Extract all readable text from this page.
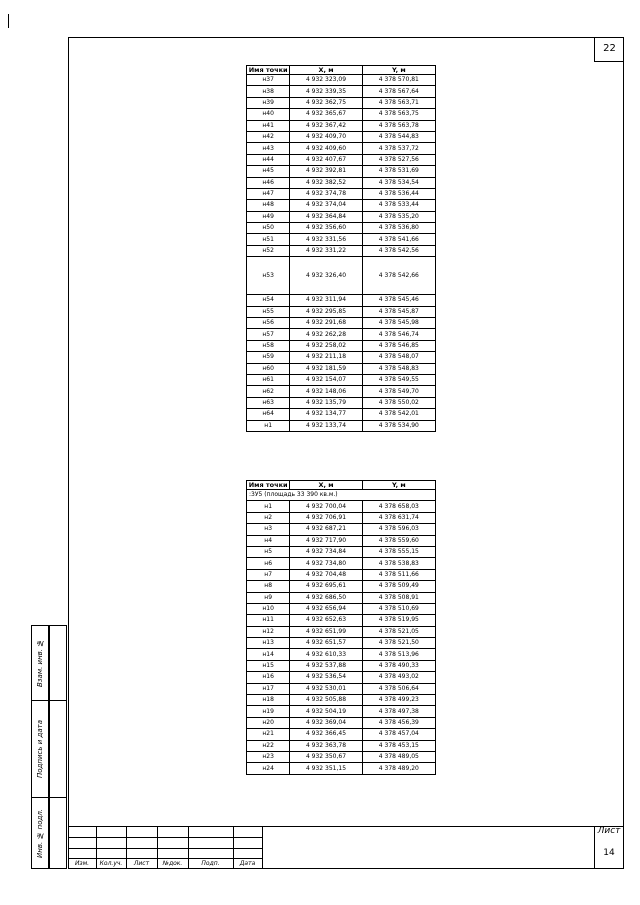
22
Имя точки	X, м	Y, м
н37	4 932 323,09	4 378 570,81
н38	4 932 339,35	4 378 567,64
н39	4 932 362,75	4 378 563,71
н40	4 932 365,67	4 378 563,75
н41	4 932 367,42	4 378 563,78
н42	4 932 409,70	4 378 544,83
н43	4 932 409,60	4 378 537,72
н44	4 932 407,67	4 378 527,56
н45	4 932 392,81	4 378 531,69
н46	4 932 382,52	4 378 534,54
н47	4 932 374,78	4 378 536,44
н48	4 932 374,04	4 378 533,44
н49	4 932 364,84	4 378 535,20
н50	4 932 356,60	4 378 536,80
н51	4 932 331,56	4 378 541,66
н52	4 932 331,22	4 378 542,56
н53	4 932 326,40	4 378 542,66
н54	4 932 311,94	4 378 545,46
н55	4 932 295,85	4 378 545,87
н56	4 932 291,68	4 378 545,98
н57	4 932 262,28	4 378 546,74
н58	4 932 258,02	4 378 546,85
н59	4 932 211,18	4 378 548,07
н60	4 932 181,59	4 378 548,83
н61	4 932 154,07	4 378 549,55
н62	4 932 148,06	4 378 549,70
н63	4 932 135,79	4 378 550,02
н64	4 932 134,77	4 378 542,01
н1	4 932 133,74	4 378 534,90
Имя точки	X, м	Y, м
:3У5 (площадь 33 390 кв.м.)		
н1	4 932 700,04	4 378 658,03
н2	4 932 706,91	4 378 631,74
н3	4 932 687,21	4 378 596,03
н4	4 932 717,90	4 378 559,60
н5	4 932 734,84	4 378 555,15
н6	4 932 734,80	4 378 538,83
н7	4 932 704,48	4 378 511,66
н8	4 932 695,61	4 378 509,49
н9	4 932 686,50	4 378 508,91
н10	4 932 656,94	4 378 510,69
н11	4 932 652,63	4 378 519,95
н12	4 932 651,99	4 378 521,05
н13	4 932 651,57	4 378 521,50
н14	4 932 610,33	4 378 513,96
н15	4 932 537,88	4 378 490,33
н16	4 932 536,54	4 378 493,02
н17	4 932 530,01	4 378 506,64
н18	4 932 505,88	4 378 499,23
н19	4 932 504,19	4 378 497,38
н20	4 932 369,04	4 378 456,39
н21	4 932 366,45	4 378 457,04
н22	4 932 363,78	4 378 453,15
н23	4 932 350,67	4 378 489,05
н24	4 932 351,15	4 378 489,20
Взам. инв. №
Подпись и дата
Инв. № подл.
Изм.	Кол.уч.	Лист	№док.	Подп.	Дата
Лист
14
